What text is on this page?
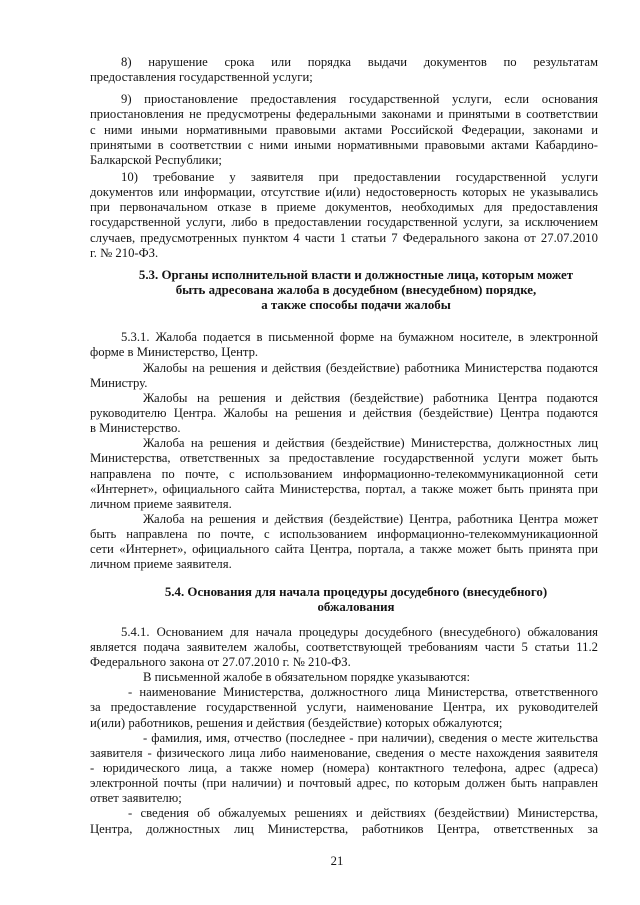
8) нарушение срока или порядка выдачи документов по результатам
предоставления государственной услуги;
9) приостановление предоставления государственной услуги, если основания
приостановления не предусмотрены федеральными законами и принятыми в соответствии
с ними иными нормативными правовыми актами Российской Федерации, законами и
принятыми в соответствии с ними иными нормативными правовыми актами Кабардино-
Балкарской Республики;
10) требование у заявителя при предоставлении государственной услуги
документов или информации, отсутствие и(или) недостоверность которых не указывались
при первоначальном отказе в приеме документов, необходимых для предоставления
государственной услуги, либо в предоставлении государственной услуги, за исключением
случаев, предусмотренных пунктом 4 части 1 статьи 7 Федерального закона от 27.07.2010
г. № 210-ФЗ.
5.3. Органы исполнительной власти и должностные лица, которым может
быть адресована жалоба в досудебном (внесудебном) порядке,
а также способы подачи жалобы
5.3.1. Жалоба подается в письменной форме на бумажном носителе, в электронной
форме в Министерство, Центр.
Жалобы на решения и действия (бездействие) работника Министерства подаются
Министру.
Жалобы на решения и действия (бездействие) работника Центра подаются
руководителю Центра. Жалобы на решения и действия (бездействие) Центра подаются
в Министерство.
Жалоба на решения и действия (бездействие) Министерства, должностных лиц
Министерства, ответственных за предоставление государственной услуги может быть
направлена по почте, с использованием информационно-телекоммуникационной сети
«Интернет», официального сайта Министерства, портал, а также может быть принята при
личном приеме заявителя.
Жалоба на решения и действия (бездействие) Центра, работника Центра может
быть направлена по почте, с использованием информационно-телекоммуникационной
сети «Интернет», официального сайта Центра, портала, а также может быть принята при
личном приеме заявителя.
5.4. Основания для начала процедуры досудебного (внесудебного)
обжалования
5.4.1. Основанием для начала процедуры досудебного (внесудебного) обжалования
является подача заявителем жалобы, соответствующей требованиям части 5 статьи 11.2
Федерального закона от 27.07.2010 г. № 210-ФЗ.
В письменной жалобе в обязательном порядке указываются:
- наименование Министерства, должностного лица Министерства, ответственного
за предоставление государственной услуги, наименование Центра, их руководителей
и(или) работников, решения и действия (бездействие) которых обжалуются;
- фамилия, имя, отчество (последнее - при наличии), сведения о месте жительства
заявителя - физического лица либо наименование, сведения о месте нахождения заявителя
- юридического лица, а также номер (номера) контактного телефона, адрес (адреса)
электронной почты (при наличии) и почтовый адрес, по которым должен быть направлен
ответ заявителю;
- сведения об обжалуемых решениях и действиях (бездействии) Министерства,
Центра, должностных лиц Министерства, работников Центра, ответственных за
21
